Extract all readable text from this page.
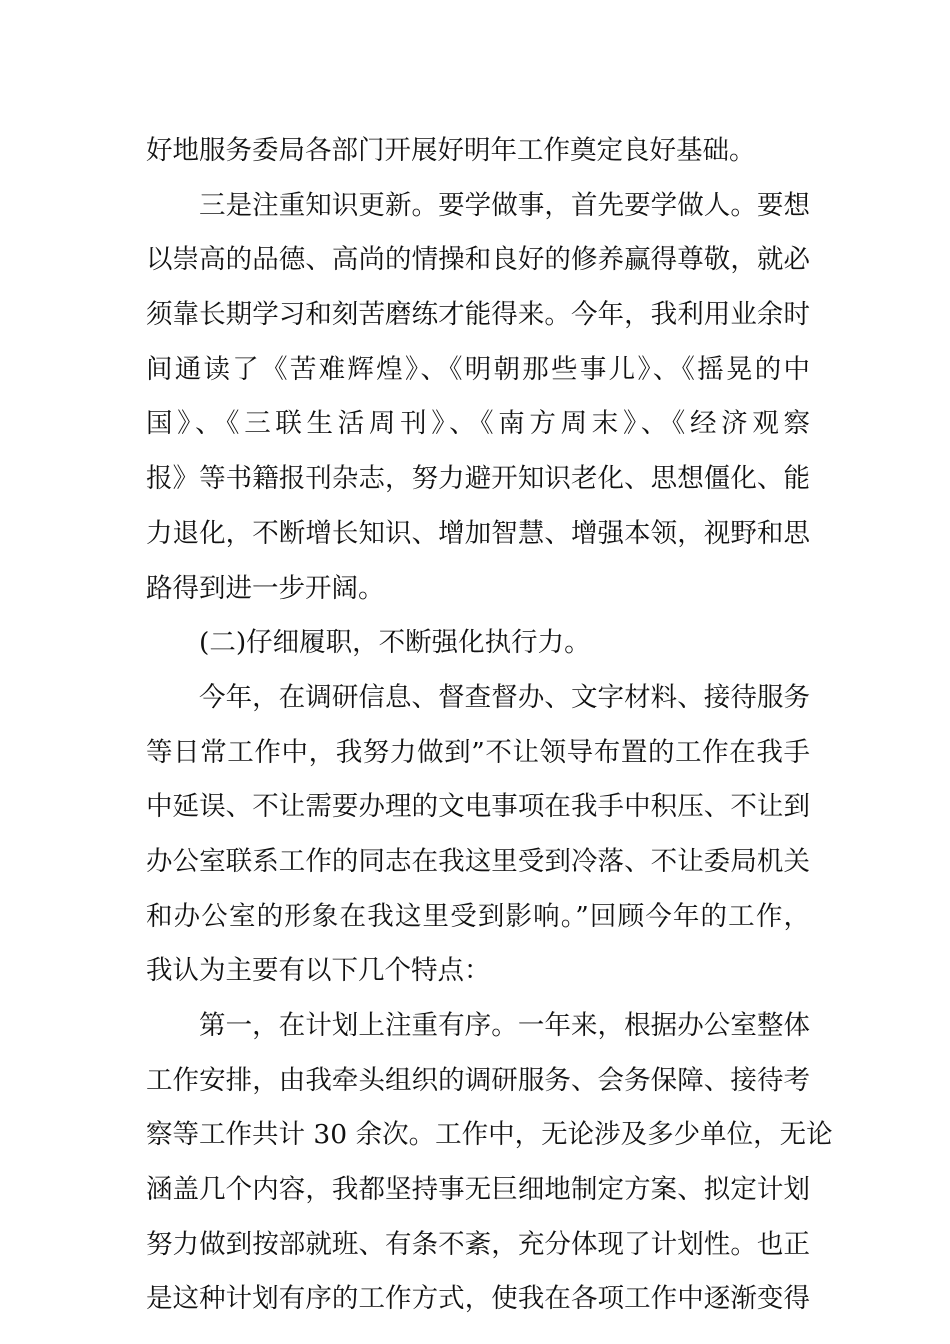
好地服务委局各部门开展好明年工作奠定良好基础。
三是注重知识更新。要学做事，首先要学做人。要想
以崇高的品德、高尚的情操和良好的修养赢得尊敬，就必
须靠长期学习和刻苦磨练才能得来。今年，我利用业余时
间通读了《苦难辉煌》、《明朝那些事儿》、《摇晃的中
国》、《三联生活周刊》、《南方周末》、《经济观察
报》等书籍报刊杂志，努力避开知识老化、思想僵化、能
力退化，不断增长知识、增加智慧、增强本领，视野和思
路得到进一步开阔。
(二)仔细履职，不断强化执行力。
今年，在调研信息、督查督办、文字材料、接待服务
等日常工作中，我努力做到”不让领导布置的工作在我手
中延误、不让需要办理的文电事项在我手中积压、不让到
办公室联系工作的同志在我这里受到冷落、不让委局机关
和办公室的形象在我这里受到影响。”回顾今年的工作，
我认为主要有以下几个特点：
第一，在计划上注重有序。一年来，根据办公室整体
工作安排，由我牵头组织的调研服务、会务保障、接待考
察等工作共计 30 余次。工作中，无论涉及多少单位，无论
涵盖几个内容，我都坚持事无巨细地制定方案、拟定计划
努力做到按部就班、有条不紊，充分体现了计划性。也正
是这种计划有序的工作方式，使我在各项工作中逐渐变得
